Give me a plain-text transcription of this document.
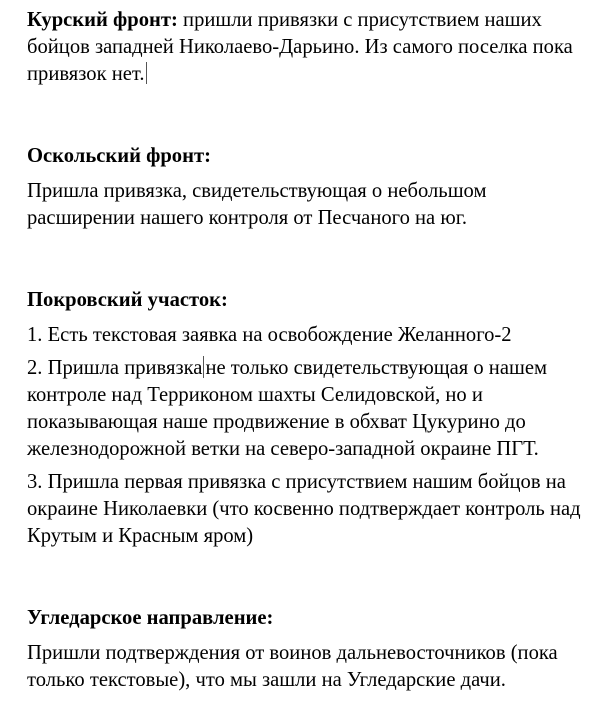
Курский фронт: пришли привязки с присутствием наших бойцов западней Николаево-Дарьино. Из самого поселка пока привязок нет.

Оскольский фронт:

Пришла привязка, свидетельствующая о небольшом расширении нашего контроля от Песчаного на юг.

Покровский участок:

1. Есть текстовая заявка на освобождение Желанного-2

2. Пришла привязка не только свидетельствующая о нашем контроле над Терриконом шахты Селидовской, но и показывающая наше продвижение в обхват Цукурино до железнодорожной ветки на северо-западной окраине ПГТ.

3. Пришла первая привязка с присутствием нашим бойцов на окраине Николаевки (что косвенно подтверждает контроль над Крутым и Красным яром)

Угледарское направление:

Пришли подтверждения от воинов дальневосточников (пока только текстовые), что мы зашли на Угледарские дачи.
